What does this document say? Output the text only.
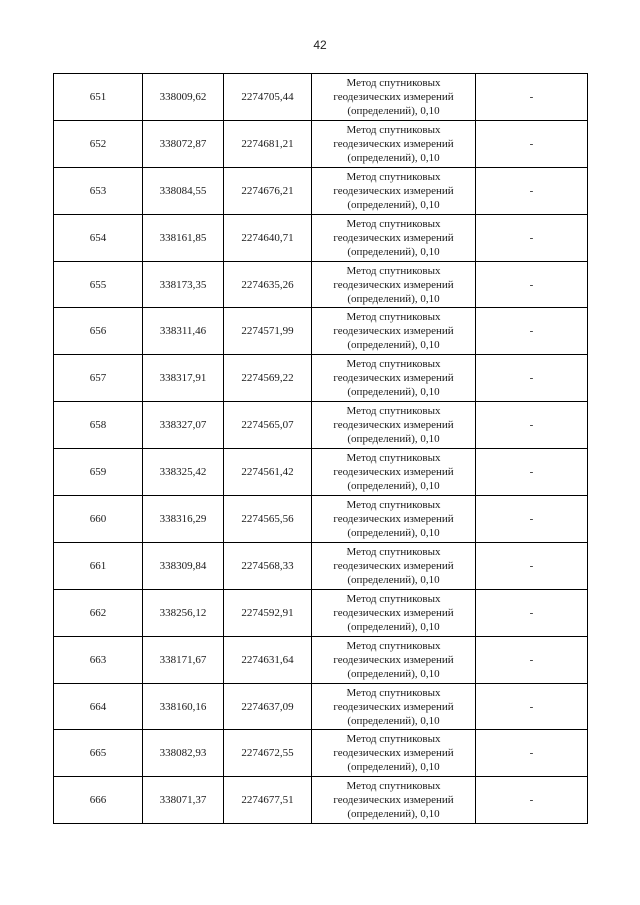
42
651	338009,62	2274705,44	Метод спутниковых
геодезических измерений
(определений), 0,10	-
652	338072,87	2274681,21	Метод спутниковых
геодезических измерений
(определений), 0,10	-
653	338084,55	2274676,21	Метод спутниковых
геодезических измерений
(определений), 0,10	-
654	338161,85	2274640,71	Метод спутниковых
геодезических измерений
(определений), 0,10	-
655	338173,35	2274635,26	Метод спутниковых
геодезических измерений
(определений), 0,10	-
656	338311,46	2274571,99	Метод спутниковых
геодезических измерений
(определений), 0,10	-
657	338317,91	2274569,22	Метод спутниковых
геодезических измерений
(определений), 0,10	-
658	338327,07	2274565,07	Метод спутниковых
геодезических измерений
(определений), 0,10	-
659	338325,42	2274561,42	Метод спутниковых
геодезических измерений
(определений), 0,10	-
660	338316,29	2274565,56	Метод спутниковых
геодезических измерений
(определений), 0,10	-
661	338309,84	2274568,33	Метод спутниковых
геодезических измерений
(определений), 0,10	-
662	338256,12	2274592,91	Метод спутниковых
геодезических измерений
(определений), 0,10	-
663	338171,67	2274631,64	Метод спутниковых
геодезических измерений
(определений), 0,10	-
664	338160,16	2274637,09	Метод спутниковых
геодезических измерений
(определений), 0,10	-
665	338082,93	2274672,55	Метод спутниковых
геодезических измерений
(определений), 0,10	-
666	338071,37	2274677,51	Метод спутниковых
геодезических измерений
(определений), 0,10	-
